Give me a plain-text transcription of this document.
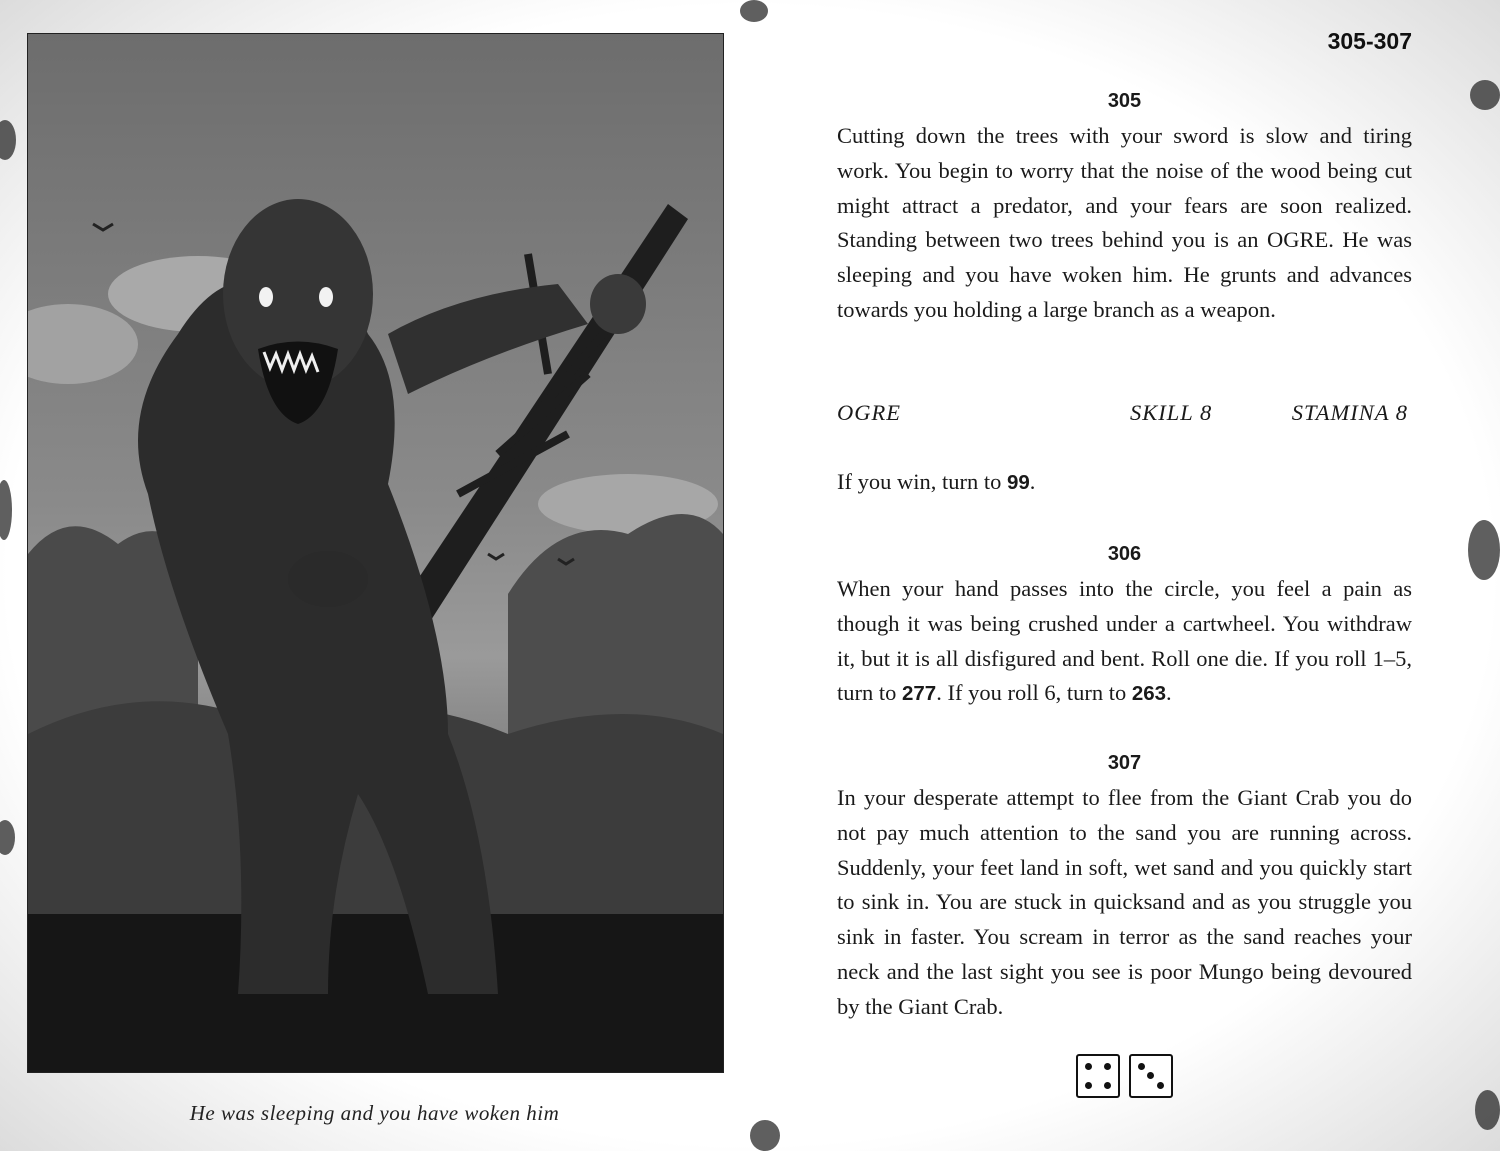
He was sleeping and you have woken him
305-307
305
Cutting down the trees with your sword is slow and tiring work. You begin to worry that the noise of the wood being cut might attract a predator, and your fears are soon realized. Standing between two trees behind you is an OGRE. He was sleeping and you have woken him. He grunts and advances towards you holding a large branch as a weapon.
OGRE	SKILL 8	STAMINA 8
If you win, turn to 99.
306
When your hand passes into the circle, you feel a pain as though it was being crushed under a cartwheel. You withdraw it, but it is all disfigured and bent. Roll one die. If you roll 1–5, turn to 277. If you roll 6, turn to 263.
307
In your desperate attempt to flee from the Giant Crab you do not pay much attention to the sand you are running across. Suddenly, your feet land in soft, wet sand and you quickly start to sink in. You are stuck in quicksand and as you struggle you sink in faster. You scream in terror as the sand reaches your neck and the last sight you see is poor Mungo being devoured by the Giant Crab.
